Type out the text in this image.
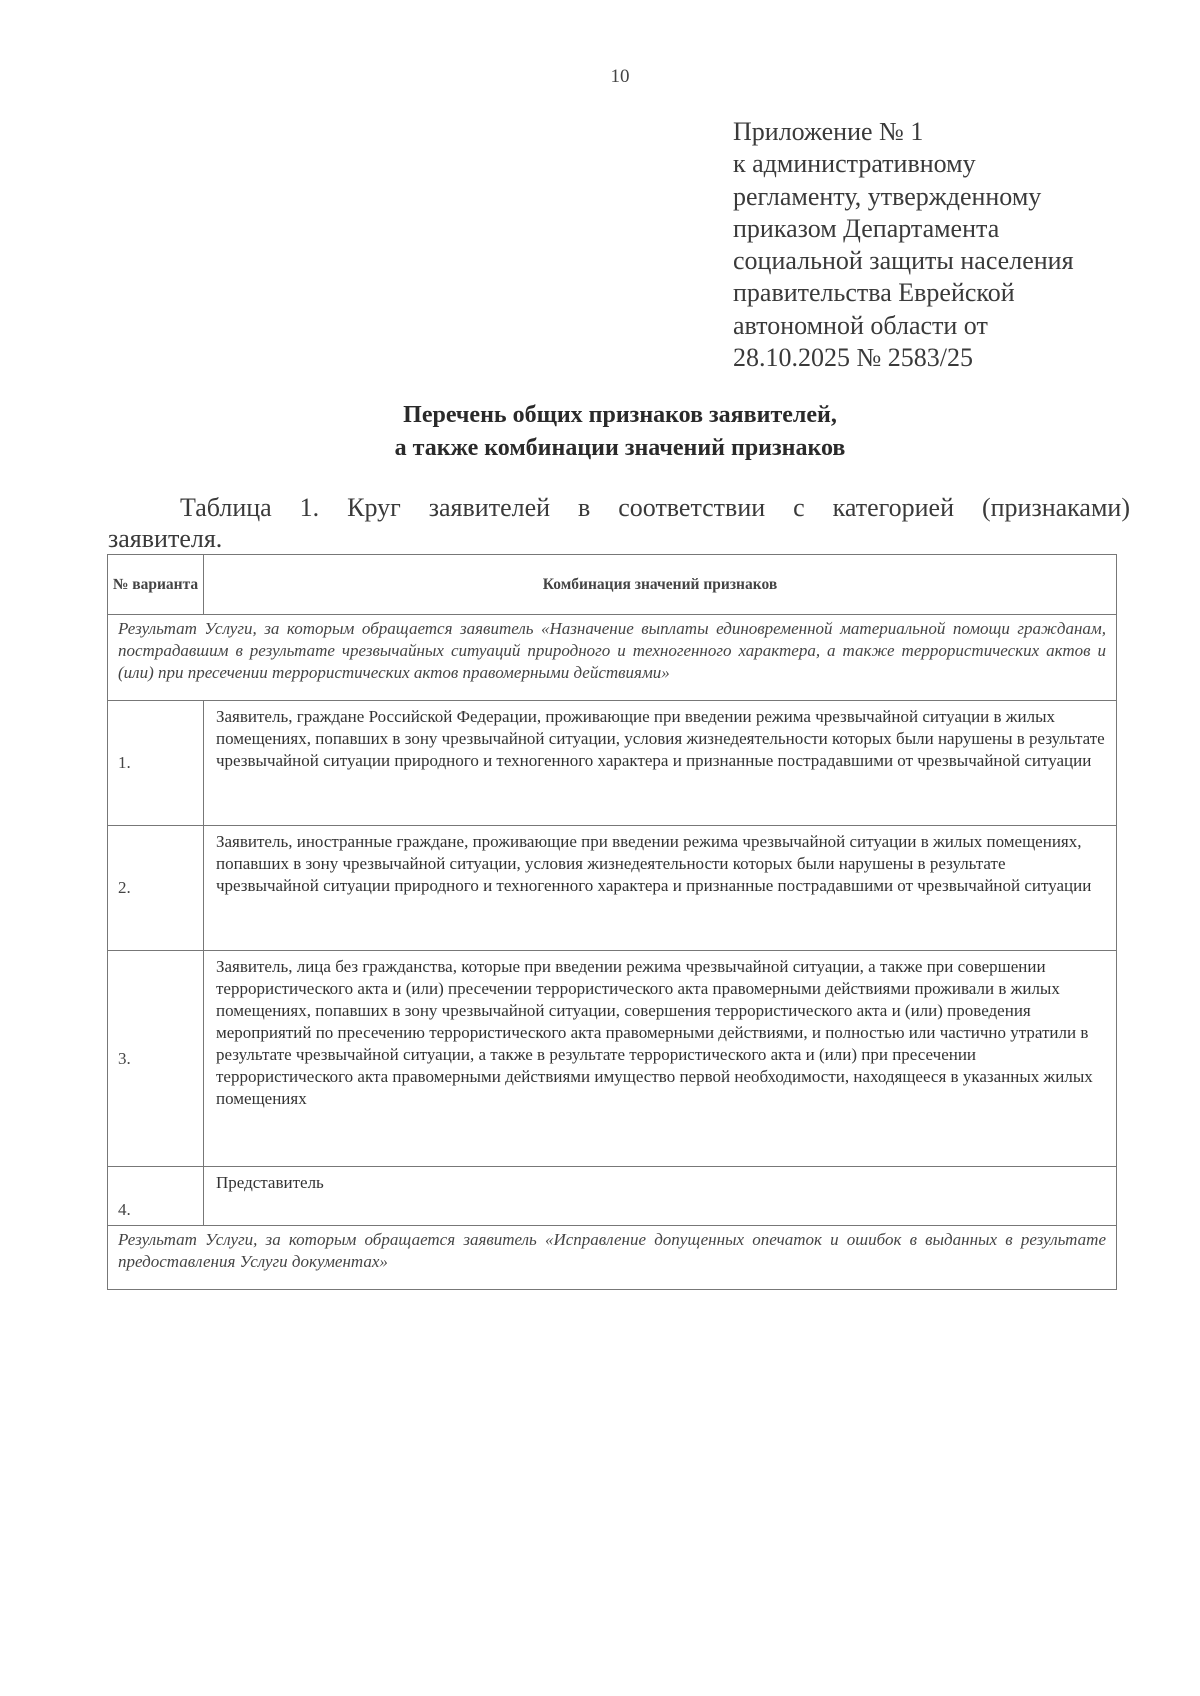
10
Приложение № 1
к административному
регламенту, утвержденному
приказом Департамента
социальной защиты населения
правительства Еврейской
автономной области от
28.10.2025 № 2583/25
Перечень общих признаков заявителей,
а также комбинации значений признаков
Таблица 1. Круг заявителей в соответствии с категорией (признаками)
заявителя.
№ варианта	Комбинация значений признаков
Результат Услуги, за которым обращается заявитель «Назначение выплаты единовременной материальной помощи гражданам, пострадавшим в результате чрезвычайных ситуаций природного и техногенного характера, а также террористических актов и (или) при пресечении террористических актов правомерными действиями»	
1.	Заявитель, граждане Российской Федерации, проживающие при введении режима чрезвычайной ситуации в жилых помещениях, попавших в зону чрезвычайной ситуации, условия жизнедеятельности которых были нарушены в результате чрезвычайной ситуации природного и техногенного характера и признанные пострадавшими от чрезвычайной ситуации
2.	Заявитель, иностранные граждане, проживающие при введении режима чрезвычайной ситуации в жилых помещениях, попавших в зону чрезвычайной ситуации, условия жизнедеятельности которых были нарушены в результате чрезвычайной ситуации природного и техногенного характера и признанные пострадавшими от чрезвычайной ситуации
3.	Заявитель, лица без гражданства, которые при введении режима чрезвычайной ситуации, а также при совершении террористического акта и (или) пресечении террористического акта правомерными действиями проживали в жилых помещениях, попавших в зону чрезвычайной ситуации, совершения террористического акта и (или) проведения мероприятий по пресечению террористического акта правомерными действиями, и полностью или частично утратили в результате чрезвычайной ситуации, а также в результате террористического акта и (или) при пресечении террористического акта правомерными действиями имущество первой необходимости, находящееся в указанных жилых помещениях
4.	Представитель
Результат Услуги, за которым обращается заявитель «Исправление допущенных опечаток и ошибок в выданных в результате предоставления Услуги документах»	
